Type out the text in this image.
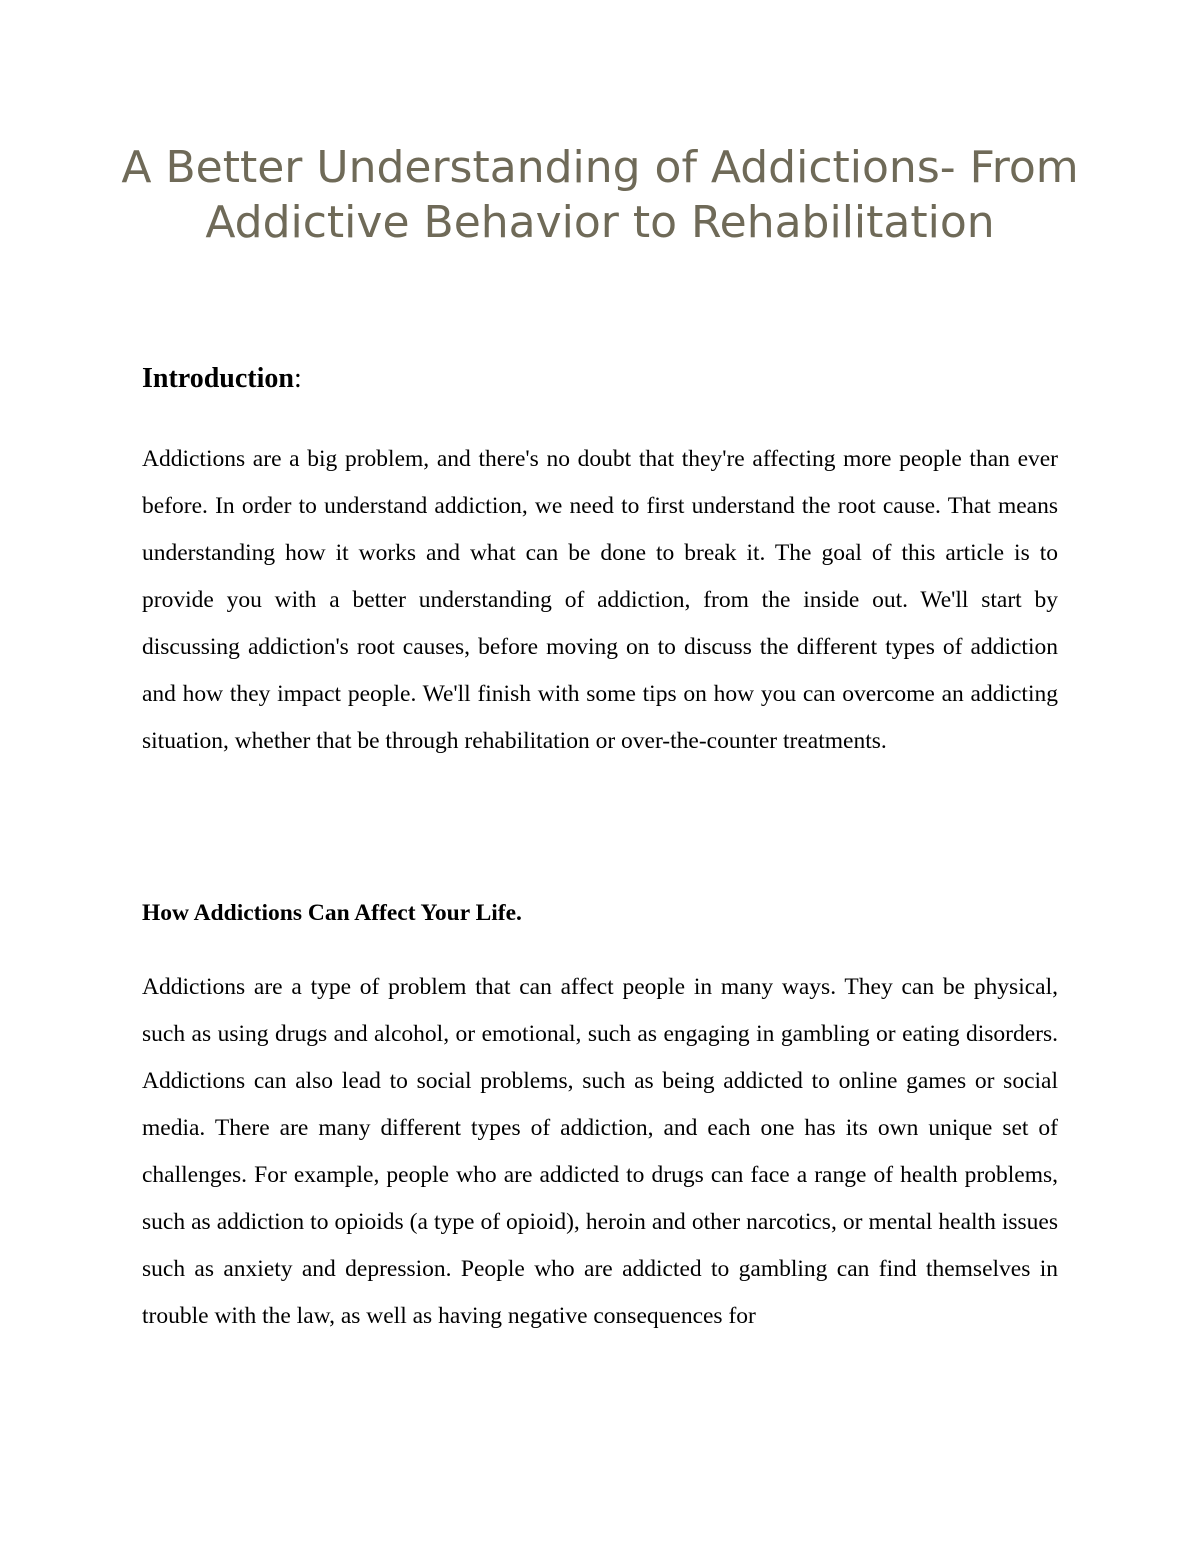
A Better Understanding of Addictions- From Addictive Behavior to Rehabilitation
Introduction:

Addictions are a big problem, and there's no doubt that they're affecting more people than ever before. In order to understand addiction, we need to first understand the root cause. That means understanding how it works and what can be done to break it. The goal of this article is to provide you with a better understanding of addiction, from the inside out. We'll start by discussing addiction's root causes, before moving on to discuss the different types of addiction and how they impact people. We'll finish with some tips on how you can overcome an addicting situation, whether that be through rehabilitation or over-the-counter treatments.

How Addictions Can Affect Your Life.

Addictions are a type of problem that can affect people in many ways. They can be physical, such as using drugs and alcohol, or emotional, such as engaging in gambling or eating disorders. Addictions can also lead to social problems, such as being addicted to online games or social media. There are many different types of addiction, and each one has its own unique set of challenges. For example, people who are addicted to drugs can face a range of health problems, such as addiction to opioids (a type of opioid), heroin and other narcotics, or mental health issues such as anxiety and depression. People who are addicted to gambling can find themselves in trouble with the law, as well as having negative consequences for
